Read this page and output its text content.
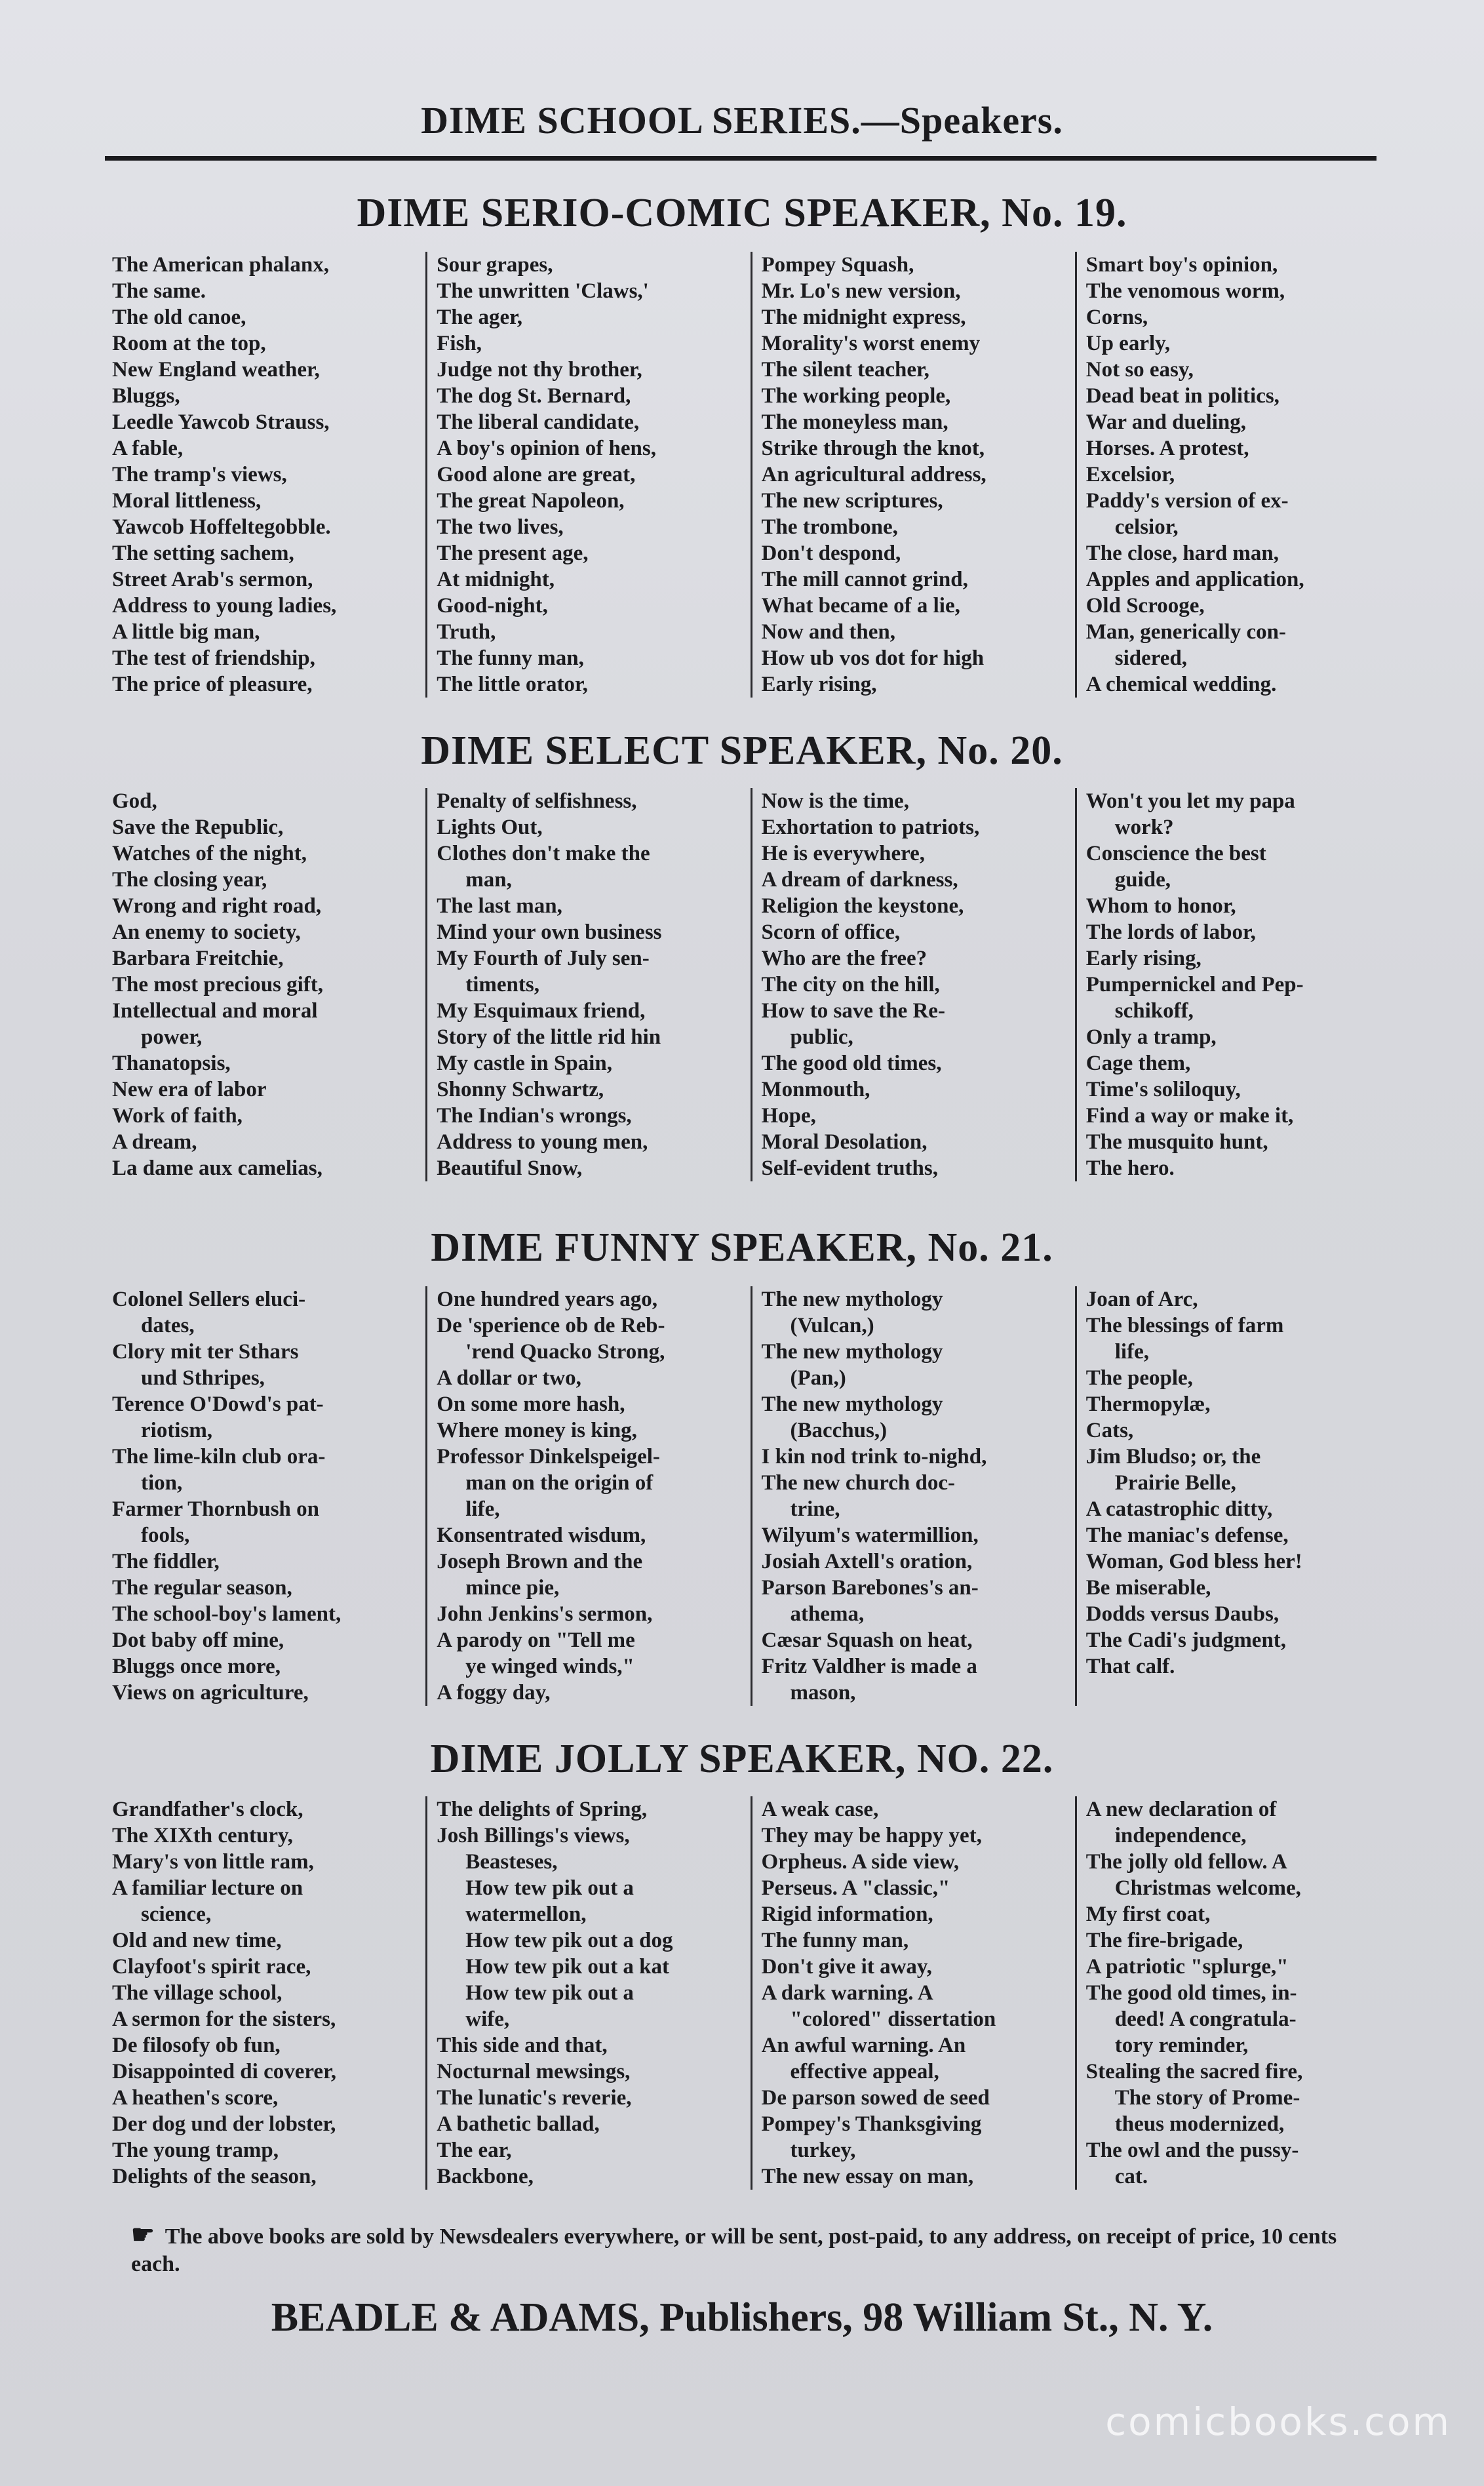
DIME SCHOOL SERIES.—Speakers.
DIME SERIO-COMIC SPEAKER, No. 19.
The American phalanx,
The same.
The old canoe,
Room at the top,
New England weather,
Bluggs,
Leedle Yawcob Strauss,
A fable,
The tramp's views,
Moral littleness,
Yawcob Hoffeltegobble.
The setting sachem,
Street Arab's sermon,
Address to young ladies,
A little big man,
The test of friendship,
The price of pleasure,
Sour grapes,
The unwritten 'Claws,'
The ager,
Fish,
Judge not thy brother,
The dog St. Bernard,
The liberal candidate,
A boy's opinion of hens,
Good alone are great,
The great Napoleon,
The two lives,
The present age,
At midnight,
Good-night,
Truth,
The funny man,
The little orator,
Pompey Squash,
Mr. Lo's new version,
The midnight express,
Morality's worst enemy
The silent teacher,
The working people,
The moneyless man,
Strike through the knot,
An agricultural address,
The new scriptures,
The trombone,
Don't despond,
The mill cannot grind,
What became of a lie,
Now and then,
How ub vos dot for high
Early rising,
Smart boy's opinion,
The venomous worm,
Corns,
Up early,
Not so easy,
Dead beat in politics,
War and dueling,
Horses. A protest,
Excelsior,
Paddy's version of ex-
celsior,
The close, hard man,
Apples and application,
Old Scrooge,
Man, generically con-
sidered,
A chemical wedding.
DIME SELECT SPEAKER, No. 20.
God,
Save the Republic,
Watches of the night,
The closing year,
Wrong and right road,
An enemy to society,
Barbara Freitchie,
The most precious gift,
Intellectual and moral
power,
Thanatopsis,
New era of labor
Work of faith,
A dream,
La dame aux camelias,
Penalty of selfishness,
Lights Out,
Clothes don't make the
man,
The last man,
Mind your own business
My Fourth of July sen-
timents,
My Esquimaux friend,
Story of the little rid hin
My castle in Spain,
Shonny Schwartz,
The Indian's wrongs,
Address to young men,
Beautiful Snow,
Now is the time,
Exhortation to patriots,
He is everywhere,
A dream of darkness,
Religion the keystone,
Scorn of office,
Who are the free?
The city on the hill,
How to save the Re-
public,
The good old times,
Monmouth,
Hope,
Moral Desolation,
Self-evident truths,
Won't you let my papa
work?
Conscience the best
guide,
Whom to honor,
The lords of labor,
Early rising,
Pumpernickel and Pep-
schikoff,
Only a tramp,
Cage them,
Time's soliloquy,
Find a way or make it,
The musquito hunt,
The hero.
DIME FUNNY SPEAKER, No. 21.
Colonel Sellers eluci-
dates,
Clory mit ter Sthars
und Sthripes,
Terence O'Dowd's pat-
riotism,
The lime-kiln club ora-
tion,
Farmer Thornbush on
fools,
The fiddler,
The regular season,
The school-boy's lament,
Dot baby off mine,
Bluggs once more,
Views on agriculture,
One hundred years ago,
De 'sperience ob de Reb-
'rend Quacko Strong,
A dollar or two,
On some more hash,
Where money is king,
Professor Dinkelspeigel-
man on the origin of
life,
Konsentrated wisdum,
Joseph Brown and the
mince pie,
John Jenkins's sermon,
A parody on "Tell me
ye winged winds,"
A foggy day,
The new mythology
(Vulcan,)
The new mythology
(Pan,)
The new mythology
(Bacchus,)
I kin nod trink to-nighd,
The new church doc-
trine,
Wilyum's watermillion,
Josiah Axtell's oration,
Parson Barebones's an-
athema,
Cæsar Squash on heat,
Fritz Valdher is made a
mason,
Joan of Arc,
The blessings of farm
life,
The people,
Thermopylæ,
Cats,
Jim Bludso; or, the
Prairie Belle,
A catastrophic ditty,
The maniac's defense,
Woman, God bless her!
Be miserable,
Dodds versus Daubs,
The Cadi's judgment,
That calf.
DIME JOLLY SPEAKER, NO. 22.
Grandfather's clock,
The XIXth century,
Mary's von little ram,
A familiar lecture on
science,
Old and new time,
Clayfoot's spirit race,
The village school,
A sermon for the sisters,
De filosofy ob fun,
Disappointed di coverer,
A heathen's score,
Der dog und der lobster,
The young tramp,
Delights of the season,
The delights of Spring,
Josh Billings's views,
Beasteses,
How tew pik out a
watermellon,
How tew pik out a dog
How tew pik out a kat
How tew pik out a
wife,
This side and that,
Nocturnal mewsings,
The lunatic's reverie,
A bathetic ballad,
The ear,
Backbone,
A weak case,
They may be happy yet,
Orpheus. A side view,
Perseus. A "classic,"
Rigid information,
The funny man,
Don't give it away,
A dark warning. A
"colored" dissertation
An awful warning. An
effective appeal,
De parson sowed de seed
Pompey's Thanksgiving
turkey,
The new essay on man,
A new declaration of
independence,
The jolly old fellow. A
Christmas welcome,
My first coat,
The fire-brigade,
A patriotic "splurge,"
The good old times, in-
deed! A congratula-
tory reminder,
Stealing the sacred fire,
The story of Prome-
theus modernized,
The owl and the pussy-
cat.
☛ The above books are sold by Newsdealers everywhere, or will be sent, post-paid, to any address, on receipt of price, 10 cents each.
BEADLE & ADAMS, Publishers, 98 William St., N. Y.
comicbooks.com
